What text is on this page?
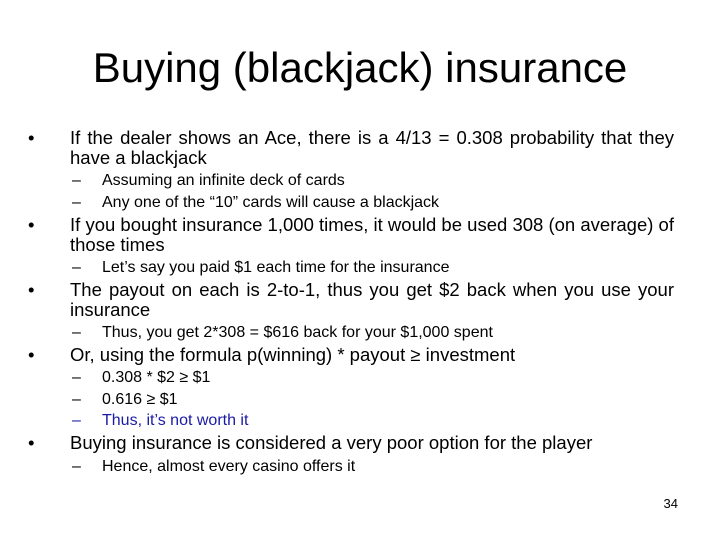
Buying (blackjack) insurance
•	If the dealer shows an Ace, there is a 4/13 = 0.308 probability that they have a blackjack
– Assuming an infinite deck of cards
– Any one of the “10” cards will cause a blackjack
•	If you bought insurance 1,000 times, it would be used 308 (on average) of those times
– Let’s say you paid $1 each time for the insurance
•	The payout on each is 2-to-1, thus you get $2 back when you use your insurance
– Thus, you get 2*308 = $616 back for your $1,000 spent
•	Or, using the formula p(winning) * payout ≥ investment
– 0.308 * $2 ≥ $1
– 0.616 ≥ $1
– Thus, it’s not worth it
•	Buying insurance is considered a very poor option for the player
– Hence, almost every casino offers it
34
